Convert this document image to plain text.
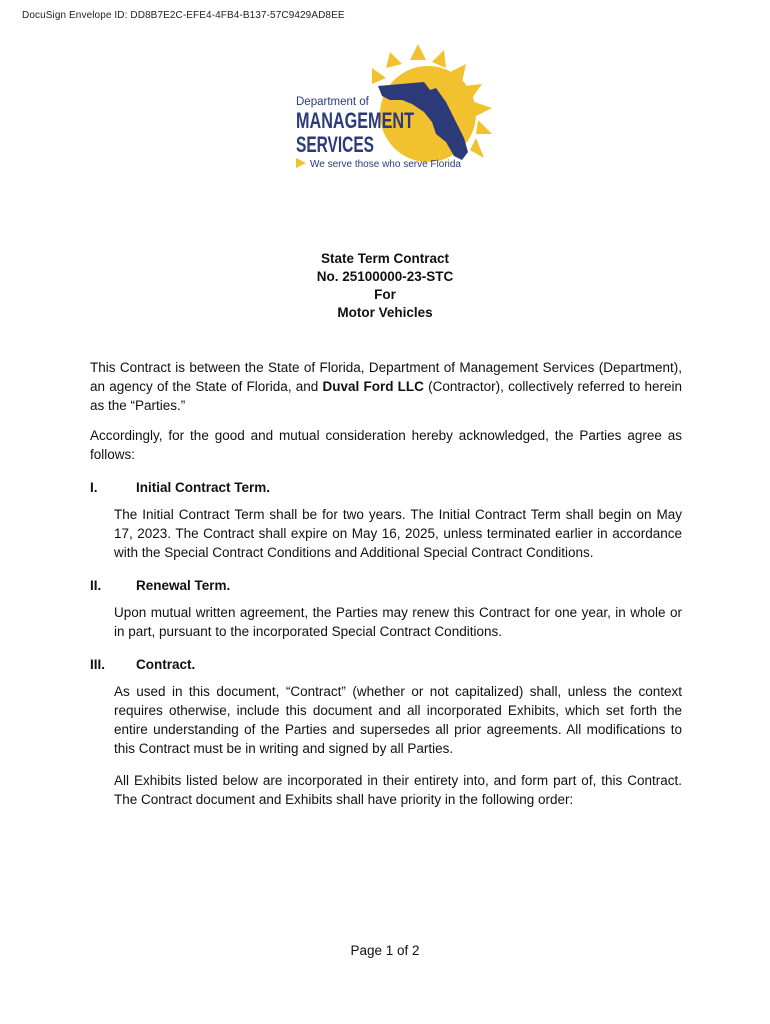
DocuSign Envelope ID: DD8B7E2C-EFE4-4FB4-B137-57C9429AD8EE
Department of
MANAGEMENT
SERVICES
We serve those who serve Florida
State Term Contract
No. 25100000-23-STC
For
Motor Vehicles

This Contract is between the State of Florida, Department of Management Services (Department), an agency of the State of Florida, and Duval Ford LLC (Contractor), collectively referred to herein as the “Parties.”

Accordingly, for the good and mutual consideration hereby acknowledged, the Parties agree as follows:

I.	Initial Contract Term.

The Initial Contract Term shall be for two years. The Initial Contract Term shall begin on May 17, 2023. The Contract shall expire on May 16, 2025, unless terminated earlier in accordance with the Special Contract Conditions and Additional Special Contract Conditions.

II.	Renewal Term.

Upon mutual written agreement, the Parties may renew this Contract for one year, in whole or in part, pursuant to the incorporated Special Contract Conditions.

III.	Contract.

As used in this document, “Contract” (whether or not capitalized) shall, unless the context requires otherwise, include this document and all incorporated Exhibits, which set forth the entire understanding of the Parties and supersedes all prior agreements. All modifications to this Contract must be in writing and signed by all Parties.

All Exhibits listed below are incorporated in their entirety into, and form part of, this Contract. The Contract document and Exhibits shall have priority in the following order:

Page 1 of 2
